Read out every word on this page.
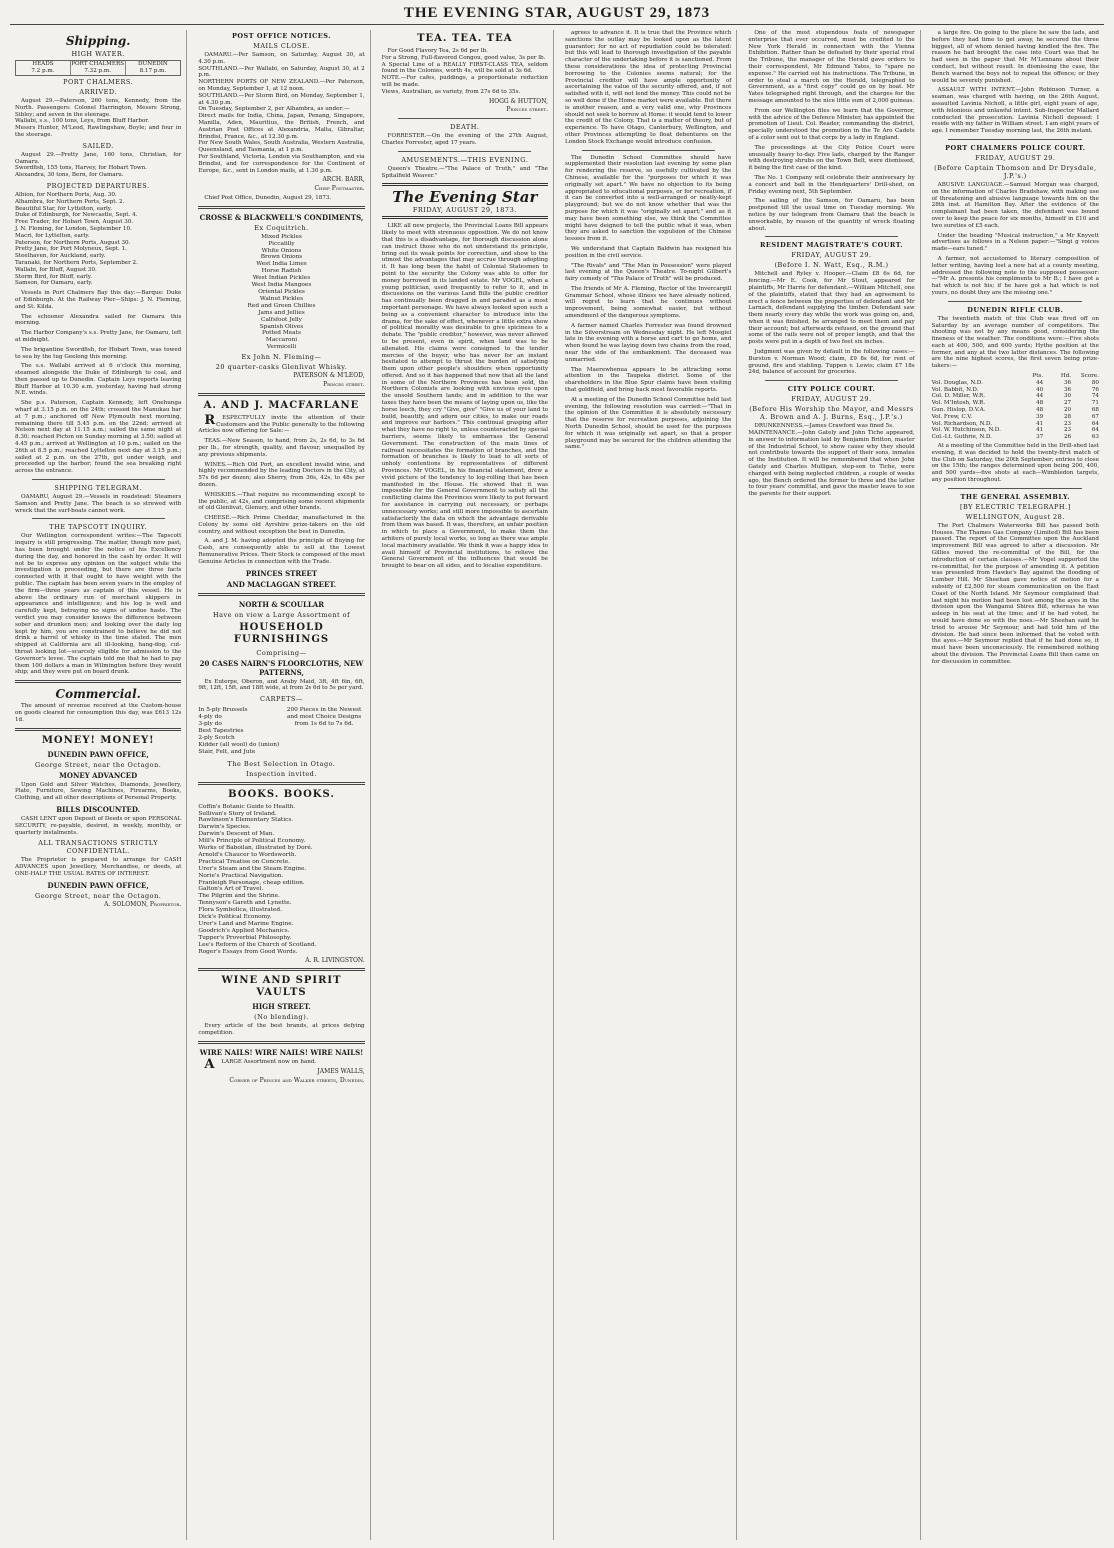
THE EVENING STAR, AUGUST 29, 1873
Shipping.
HIGH WATER.
HEADS
7.2 p.m.
PORT CHALMERS
7.32 p.m.
DUNEDIN
8.17 p.m.
PORT CHALMERS.
ARRIVED.

August 29.—Paterson, 260 tons, Kennedy, from the North. Passengers: Colonel Harrington, Messrs Strong, Sibley; and seven in the steerage.
Wallabi, s.s., 100 tons, Leys, from Bluff Harbor.
Messrs Hunter, M'Leod, Rawlingshaw, Boyle; and four in the steerage.

SAILED.

August 29.—Pretty Jane, 160 tons, Christian, for Oamaru.
Swordfish, 155 tons, Harvey, for Hobart Town.
Alexandra, 30 tons, Bern, for Oamaru.

PROJECTED DEPARTURES.

Albion, for Northern Ports, Aug. 30.
Alhambra, for Northern Ports, Sept. 2.
Beautiful Star, for Lyttelton, early.
Duke of Edinburgh, for Newcastle, Sept. 4.
Free Trader, for Hobart Town, August 30.
J. N. Fleming, for London, September 10.
Macri, for Lyttelton, early.
Paterson, for Northern Ports, August 30.
Pretty Jane, for Port Molyneux, Sept. 1.
Steelhaven, for Auckland, early.
Taranaki, for Northern Ports, September 2.
Wallabi, for Bluff, August 30.
Storm Bird, for Bluff, early.
Samson, for Oamaru, early.

Vessels in Port Chalmers Bay this day:—Barque: Duke of Edinburgh. At the Railway Pier—Ships: J. N. Fleming, and St. Kilda.

The schooner Alexandra sailed for Oamaru this morning.

The Harbor Company's s.s. Pretty Jane, for Oamaru, left at midnight.

The brigantine Swordfish, for Hobart Town, was towed to sea by the tug Geelong this morning.

The s.s. Wallabi arrived at 6 o'clock this morning, steamed alongside the Duke of Edinburgh to coal, and then passed up to Dunedin. Captain Leys reports leaving Bluff Harbor at 10.30 a.m. yesterday, having had strong N.E. winds.

She p.s. Paterson, Captain Kennedy, left Onehunga wharf at 3.15 p.m. on the 24th; crossed the Manukau bar at 7 p.m.; anchored off New Plymouth next morning, remaining there till 5.45 p.m. on the 22nd; arrived at Nelson next day at 11.15 a.m.; sailed the same night at 8.30; reached Picton on Sunday morning at 3.50; sailed at 4.45 p.m.; arrived at Wellington at 10 p.m.; sailed on the 26th at 8.5 p.m.; reached Lyttelton next day at 3.15 p.m.; sailed at 2 p.m. on the 27th, got under weigh, and proceeded up the harbor; found the sea breaking right across the entrance.

SHIPPING TELEGRAM.

OAMARU, August 29.—Vessels in roadstead: Steamers Samson and Pretty Jane. The beach is so strewed with wreck that the surf-boats cannot work.

THE TAPSCOTT INQUIRY.

Our Wellington correspondent writes:—The Tapscott inquiry is still progressing. The matter, though now past, has been brought under the notice of his Excellency during the day, and honored in the cash by order. It will not be to express any opinion on the subject while the investigation is proceeding, but there are three facts connected with it that ought to have weight with the public. The captain has been seven years in the employ of the firm—three years as captain of this vessel. He is above the ordinary run of merchant skippers in appearance and intelligence; and his log is well and carefully kept, betraying no signs of undue haste. The verdict you may consider knows the difference between sober and drunken men; and looking over the daily log kept by him, you are constrained to believe he did not drink a barrel of whisky in the time stated. The men shipped at California are all ill-looking, hang-dog, cut-throat looking lot—scarcely eligible for admission to the Governor's levee. The captain told me that he had to pay them 100 dollars a man in Wilmington before they would ship; and they were put on board drunk.

Commercial.

The amount of revenue received at the Custom-house on goods cleared for consumption this day, was £613 12s 1d.

MONEY! MONEY!
DUNEDIN PAWN OFFICE,
George Street, near the Octagon.
MONEY ADVANCED

Upon Gold and Silver Watches, Diamonds, Jewellery, Plate, Furniture, Sewing Machines, Firearms, Books, Clothing, and all other descriptions of Personal Property.

BILLS DISCOUNTED.

CASH LENT upon Deposit of Deeds or upon PERSONAL SECURITY, re-payable, desired, in weekly, monthly, or quarterly instalments.

ALL TRANSACTIONS STRICTLY CONFIDENTIAL.

The Proprietor is prepared to arrange for CASH ADVANCES upon Jewellery, Merchandise, or deeds, at ONE-HALF THE USUAL RATES OF INTEREST.

DUNEDIN PAWN OFFICE,
George Street, near the Octagon.
A. SOLOMON, Proprietor.
POST OFFICE NOTICES.
MAILS CLOSE.

OAMARU.—Per Samson, on Saturday, August 30, at 4.30 p.m.
SOUTHLAND.—Per Wallabi, on Saturday, August 30, at 2 p.m.
NORTHERN PORTS OF NEW ZEALAND.—Per Paterson, on Monday, September 1, at 12 noon.
SOUTHLAND.—Per Storm Bird, on Monday, September 1, at 4.30 p.m.
On Tuesday, September 2, per Alhambra, as under:—
Direct mails for India, China, Japan, Penang, Singapore, Manilla, Aden, Mauritius, the British, French, and Austrian Post Offices at Alexandria, Malta, Gibraltar, Brindisi, France, &c., at 12.30 p.m.
For New South Wales, South Australia, Western Australia, Queensland, and Tasmania, at 1 p.m.
For Southland, Victoria, London via Southampton, and via Brindisi, and for correspondence for the Continent of Europe, &c., sent in London mails, at 1.30 p.m.

ARCH. BARR,
Chief Postmaster.

Chief Post Office, Dunedin, August 29, 1873.

CROSSE & BLACKWELL'S CONDIMENTS,
Ex Coquitrich.
Mixed Pickles
Piccalilly
White Onions
Brown Onions
West India Limes
Horse Radish
West Indian Pickles
West India Mangoes
Oriental Pickles
Walnut Pickles
Red and Green Chillies
Jams and Jellies
Calfsfoot Jelly
Spanish Olives
Potted Meats
Maccaroni
Vermicelli
Ex John N. Fleming—
20 quarter-casks Glenlivat Whisky.
PATERSON & M'LEOD,
Princes street.
A. AND J. MACFARLANE

RESPECTFULLY invite the attention of their Customers and the Public generally to the following Articles now offering for Sale:—

TEAS.—New Season, to hand, from 2s, 2s 6d, to 3s 6d per lb., for strength, quality, and flavour, unequalled by any previous shipments.

WINES.—Rich Old Port, an excellent invalid wine, and highly recommended by the leading Doctors in the City, at 57s 6d per dozen; also Sherry, from 36s, 42s, to 48s per dozen.

WHISKIES.—That require no recommending except to the public, at 42s, and comprising some recent shipments of old Glenlivat, Glenury, and other brands.

CHEESE.—Rich Prime Cheddar, manufactured in the Colony by some old Ayrshire prize-takers on the old country, and without exception the best in Dunedin.

A. and J. M. having adopted the principle of Buying for Cash, are consequently able to sell at the Lowest Remunerative Prices. Their Stock is composed of the most Genuine Articles in connection with the Trade.

PRINCES STREET
AND MACLAGGAN STREET.
NORTH & SCOULLAR
Have on view a Large Assortment of
HOUSEHOLD FURNISHINGS
Comprising—
20 CASES NAIRN'S FLOORCLOTHS, NEW PATTERNS,

Ex Euterpe, Oberon, and Araby Maid, 3ft, 4ft 6in, 6ft, 9ft, 12ft, 15ft, and 18ft wide, at from 2s 6d to 5s per yard.

CARPETS—
In 5-ply Brussels
4-ply do
3-ply do
Best Tapestries
2-ply Scotch
Kidder (all wool) do (union)
Stair, Felt, and Jute
200 Pieces in the Newest and most Choice Designs from 1s 6d to 7s 6d.
The Best Selection in Otago.
Inspection invited.
BOOKS. BOOKS.
Coffin's Botanic Guide to Health.
Sullivan's Story of Ireland.
Rawlinson's Elementary Statics.
Darwin's Species.
Darwin's Descent of Man.
Mill's Principle of Political Economy.
Works of Baboilan, illustrated by Doré.
Arnold's Chaucer to Wordsworth.
Practical Treatise on Concrete.
Urer's Steam and the Steam Engine.
Norie's Practical Navigation.
Franleigh Parsonage, cheap edition.
Galton's Art of Travel.
The Pilgrim and the Shrine.
Tennyson's Gareth and Lynette.
Flora Symbolica, illustrated.
Dick's Political Economy.
Urer's Land and Marine Engine.
Goodrich's Applied Mechanics.
Tupper's Proverbial Philosophy.
Lee's Reform of the Church of Scotland.
Roger's Essays from Good Words.
A. R. LIVINGSTON.
WINE AND SPIRIT VAULTS
HIGH STREET.
(No blending).

Every article of the best brands, at prices defying competition.

WIRE NAILS! WIRE NAILS! WIRE NAILS!

ALARGE Assortment now on hand.

JAMES WALLS,
Corner of Princes and Walker streets, Dunedin.
TEA. TEA. TEA

For Good Flavory Tea, 2s 6d per lb.
For a Strong, Full-flavored Congou, good value, 3s per lb.
A Special Line of a REALLY FIRST-CLASS TEA, seldom found in the Colonies, worth 4s, will be sold at 3s 6d.
NOTE.—For cafes, puddings, a proportionate reduction will be made.
Views, Australian, as variety, from 27s 6d to 35s.

HOGG & HUTTON,
Princes street.
DEATH.

FORRESTER.—On the evening of the 27th August, Charles Forrester, aged 17 years.

AMUSEMENTS.—THIS EVENING.

Queen's Theatre.—"The Palace of Truth," and "The Spitalfield Weaver."

The Evening Star
FRIDAY, AUGUST 29, 1873.

LIKE all new projects, the Provincial Loans Bill appears likely to meet with strenuous opposition. We do not know that this is a disadvantage, for thorough discussion alone can instruct those who do not understand its principle, bring out its weak points for correction, and show to the utmost the advantages that may accrue through adopting it. It has long been the habit of Colonial Statesmen to point to the security the Colony was able to offer for money borrowed in its landed estate. Mr VOGEL, when a young politician, used frequently to refer to it, and in discussions on the various Land Bills the public creditor has continually been dragged in and paraded as a most important personage. We have always looked upon such a being as a convenient character to introduce into the drama, for the sake of effect, whenever a little extra show of political morality was desirable to give spiciness to a debate. The "public creditor," however, was never allowed to be present, even in spirit, when land was to be alienated. His claims were consigned to the tender mercies of the buyer, who has never for an instant hesitated to attempt to thrust the burden of satisfying them upon other people's shoulders when opportunity offered. And so it has happened that now that all the land in some of the Northern Provinces has been sold, the Northern Colonists are looking with envious eyes upon the unsold Southern lands; and in addition to the war taxes they have been the means of laying upon us, like the horse leech, they cry "Give, give" "Give us of your land to build, beautify, and adorn our cities, to make our roads and improve our harbors." This continual grasping after what they have no right to, unless counteracted by special barriers, seems likely to embarrass the General Government. The construction of the main lines of railroad necessitates the formation of branches, and the formation of branches is likely to lead to all sorts of unholy contentions by representatives of different Provinces. Mr VOGEL, in his financial statement, drew a vivid picture of the tendency to log-rolling that has been manifested in the House. He showed that it was impossible for the General Government to satisfy all the conflicting claims the Provinces were likely to put forward for assistance in carrying out necessary, or perhaps unnecessary works; and still more impossible to ascertain satisfactorily the data on which the advantage derivable from them was based. It was, therefore, an unfair position in which to place a Government, to make them the arbiters of purely local works, so long as there was ample local machinery available. We think it was a happy idea to avail himself of Provincial institutions, to relieve the General Government of the influences that would be brought to bear on all sides, and to localise expenditure.

agrees to advance it. It is true that the Province which sanctions the outlay may be looked upon as the latent guarantor; for no act of repudiation could be tolerated: but this will lead to thorough investigation of the payable character of the undertaking before it is sanctioned. From these considerations the idea of protecting Provincial borrowing to the Colonies seems natural; for the Provincial creditor will have ample opportunity of ascertaining the value of the security offered, and, if not satisfied with it, will not lend the money. This could not be so well done if the Home market were available. But there is another reason, and a very valid one, why Provinces should not seek to borrow at Home: it would tend to lower the credit of the Colony. That is a matter of theory, but of experience. To have Otago, Canterbury, Wellington, and other Provinces attempting to float debentures on the London Stock Exchange would introduce confusion.

The Dunedin School Committee should have supplemented their resolution last evening by some plan for rendering the reserve, so usefully cultivated by the Chinese, available for the "purposes for which it was originally set apart." We have no objection to its being appropriated to educational purposes, or for recreation, if it can be converted into a well-arranged or neatly-kept playground; but we do not know whether that was the purpose for which it was "originally set apart;" and as it may have been something else, we think the Committee might have deigned to tell the public what it was, when they are asked to sanction the expulsion of the Chinese lessees from it.

We understand that Captain Baldwin has resigned his position in the civil service.

"The Rivals" and "The Man in Possession" were played last evening at the Queen's Theatre. To-night Gilbert's fairy comedy of "The Palace of Truth" will be produced.

The friends of Mr A. Fleming, Rector of the Invercargill Grammar School, whose illness we have already noticed, will regret to learn that he continues without improvement, being somewhat easier, but without amendment of the dangerous symptoms.

A farmer named Charles Forrester was found drowned in the Silverstream on Wednesday night. He left Mosgiel late in the evening with a horse and cart to go home, and when found he was laying down two chains from the road, near the side of the embankment. The deceased was unmarried.

The Maerewhenua appears to be attracting some attention in the Taupeka district. Some of the shareholders in the Blue Spur claims have been visiting that goldfield, and bring back most favorable reports.

At a meeting of the Dunedin School Committee held last evening, the following resolution was carried:—"That in the opinion of the Committee it is absolutely necessary that the reserve for recreation purposes, adjoining the North Dunedin School, should be used for the purposes for which it was originally set apart, so that a proper playground may be secured for the children attending the same."

One of the most stupendous feats of newspaper enterprise that ever occurred, must be credited to the New York Herald in connection with the Vienna Exhibition. Rather than be defeated by their special rival the Tribune, the manager of the Herald gave orders to their correspondent, Mr Edmund Yates, to "spare no expense." He carried out his instructions. The Tribune, in order to steal a march on the Herald, telegraphed to Government, as a "first copy" could go on by boat. Mr Yates telegraphed right through, and the charges for the message amounted to the nice little sum of 2,000 guineas.

From our Wellington files we learn that the Governor, with the advice of the Defence Minister, has appointed the promotion of Lieut. Col. Reader, commanding the district, specially understood the promotion in the Te Aro Cadets of a color sent out to that corps by a lady in England.

The proceedings at the City Police Court were unusually heavy to-day. Five lads, charged by the Ranger with destroying shrubs on the Town Belt, were dismissed, it being the first case of the kind.

The No. 1 Company will celebrate their anniversary by a concert and ball in the Hendquarters' Drill-shed, on Friday evening next, 5th September.

The sailing of the Samson, for Oamaru, has been postponed till the usual time on Tuesday morning. We notice by our telegram from Oamaru that the beach is unworkable, by reason of the quantity of wreck floating about.

RESIDENT MAGISTRATE'S COURT.
FRIDAY, AUGUST 29.
(Before I. N. Watt, Esq., R.M.)

Mitchell and Ryley v. Hooper.—Claim £8 6s 6d, for fencing.—Mr E. Cook, for Mr Stout, appeared for plaintiffs, Mr Harris for defendant.—William Mitchell, one of the plaintiffs, stated that they had an agreement to erect a fence between the properties of defendant and Mr Larnach, defendant supplying the timber. Defendant saw them nearly every day while the work was going on, and, when it was finished, he arranged to meet them and pay their account; but afterwards refused, on the ground that some of the rails were not of proper length, and that the posts were put in a depth of two feet six inches.

Judgment was given by default in the following cases:—Burston v. Norman Wood; claim, £9 8s 6d, for rent of ground, fire and stabling. Tuppen v. Lewis; claim £7 18s 24d, balance of account for groceries.

CITY POLICE COURT.
FRIDAY, AUGUST 29.
(Before His Worship the Mayor, and Messrs A. Brown and A. J. Burns, Esq., J.P.'s.)

DRUNKENNESS.—James Crawford was fined 5s.
MAINTENANCE.—John Gately and John Tiche appeared, in answer to information laid by Benjamin Britton, master of the Industrial School, to show cause why they should not contribute towards the support of their sons, inmates of the Institution. It will be remembered that when John Gately and Charles Mulligan, step-son to Tiche, were charged with being neglected children, a couple of weeks ago, the Bench ordered the former to three and the latter to four years' committal, and gave the master leave to sue the parents for their support.

a large fire. On going to the place he saw the lads, and before they had time to get away, he secured the three biggest, all of whom denied having kindled the fire. The reason he had brought the case into Court was that he had seen in the paper that Mr M'Lennans about their conduct, but without result. In dismissing the case, the Bench warned the boys not to repeat the offence; or they would be severely punished.

ASSAULT WITH INTENT.—John Robinson Turner, a seaman, was charged with having, on the 26th August, assaulted Lavinia Nicholl, a little girl, eight years of age, with felonious and unlawful intent. Sub-Inspector Mallard conducted the prosecution. Lavinia Nicholl deposed: I reside with my father in William street. I am eight years of age. I remember Tuesday morning last, the 26th instant.

PORT CHALMERS POLICE COURT.
FRIDAY, AUGUST 29.
(Before Captain Thomson and Dr Drysdale, J.P.'s.)

ABUSIVE LANGUAGE.—Samuel Morgan was charged, on the information of Charles Bradshaw, with making use of threatening and abusive language towards him on the 28th inst. at Hamilton Bay. After the evidence of the complainant had been taken, the defendant was bound over to keep the peace for six months, himself in £10 and two sureties of £5 each.

Under the heading "Musical instruction," a Mr Knyvett advertises as follows in a Nelson paper:—"Singi g voices made—ears tuned."

A farmer, not accustomed to literary composition of letter writing, having lost a new hat at a county meeting, addressed the following note to the supposed possessor:—"Mr A. presents his compliments to Mr B.; I have got a hat which is not his; if he have got a hat which is not yours, no doubt they are the missing one."

DUNEDIN RIFLE CLUB.

The twentieth match of this Club was fired off on Saturday by an average number of competitors. The shooting was not by any means good, considering the fineness of the weather. The conditions were:—Five shots each at 400, 500, and 600 yards; Hythe position at the former, and any at the two latter distances. The following are the nine highest scores, the first seven being prize-takers:—

Pts.	Hd.	Score.
Vol. Douglas, N.D.	44	36	80
Vol. Babbit, N.D.	40	36	76
Col. D. Miller, W.R.	44	30	74
Vol. M'Intosh, W.R.	48	27	71
Gun. Hislop, D.V.A.	48	20	68
Vol. Frew, C.V.	39	28	67
Vol. Richardson, N.D.	41	23	64
Vol. W. Hutchinson, N.D.	41	23	64
Col.-Lt. Guthrie, N.D.	37	26	63

At a meeting of the Committee held in the Drill-shed last evening, it was decided to hold the twenty-first match of the Club on Saturday, the 20th September; entries to close on the 15th; the ranges determined upon being 200, 400, and 500 yards—five shots at each—Wimbledon targets, any position throughout.

THE GENERAL ASSEMBLY.
[BY ELECTRIC TELEGRAPH.]
WELLINGTON, August 28.

The Port Chalmers Waterworks Bill has passed both Houses. The Thames Gas Company (Limited) Bill has been passed. The report of the Committee upon the Auckland improvement Bill was agreed to after a discussion. Mr Gillies moved the re-committal of the Bill, for the introduction of certain clauses.—Mr Vogel supported the re-committal, for the purpose of amending it. A petition was presented from Hawke's Bay against the flooding of Lumber Hill. Mr Sheehan gave notice of motion for a subsidy of £2,500 for steam communication on the East Coast of the North Island. Mr Seymour complained that last night his motion had been lost among the ayes in the division upon the Wanganui Shires Bill, whereas he was asleep in his seat at the time; and if he had voted, he would have done so with the noes.—Mr Sheehan said he tried to arouse Mr Seymour, and had told him of the division. He had since been informed that he voted with the ayes.—Mr Seymour replied that if he had done so, it must have been unconsciously. He remembered nothing about the division. The Provincial Loans Bill then came on for discussion in committee.
